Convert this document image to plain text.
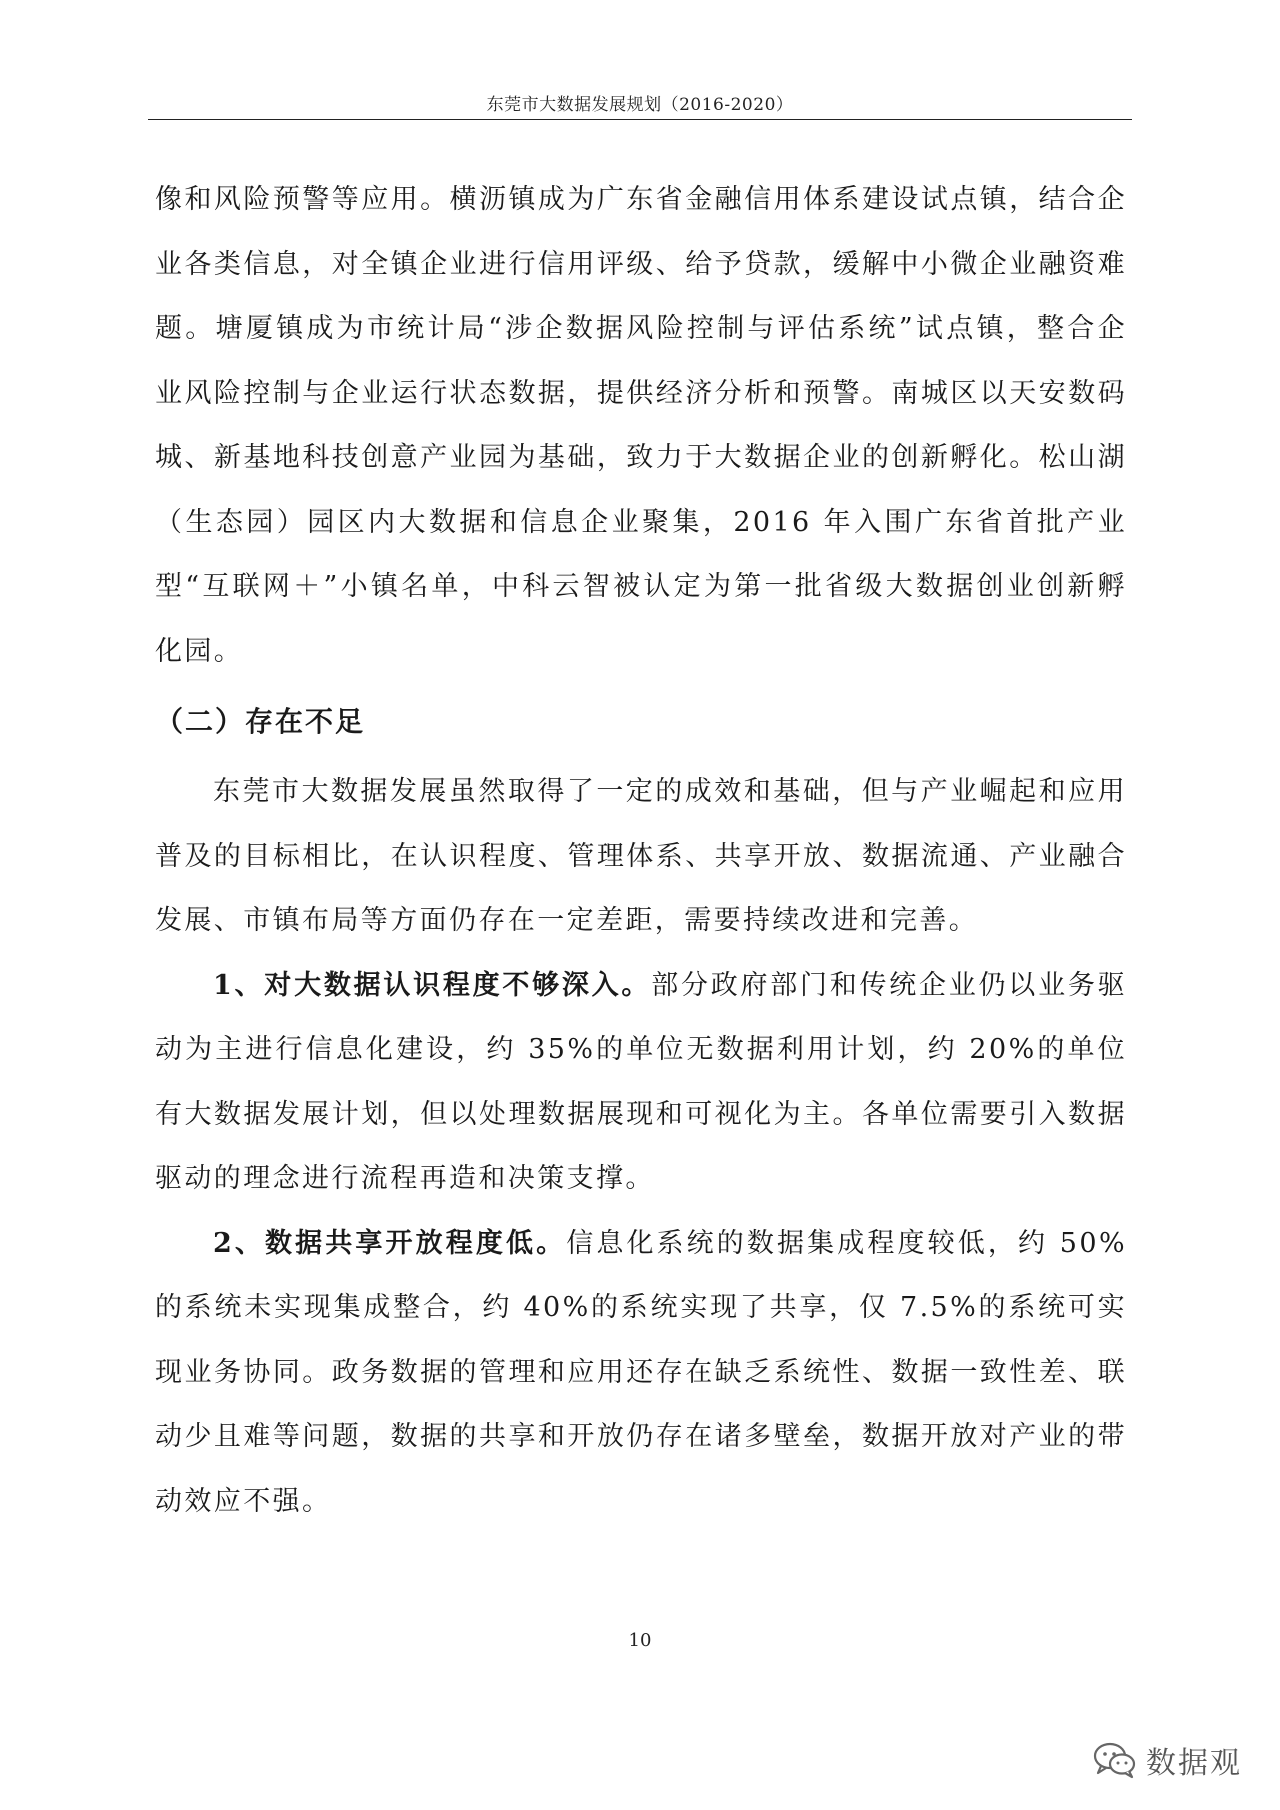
东莞市大数据发展规划（2016-2020）

像和风险预警等应用。横沥镇成为广东省金融信用体系建设试点镇，结合企业各类信息，对全镇企业进行信用评级、给予贷款，缓解中小微企业融资难题。塘厦镇成为市统计局“涉企数据风险控制与评估系统”试点镇，整合企业风险控制与企业运行状态数据，提供经济分析和预警。南城区以天安数码城、新基地科技创意产业园为基础，致力于大数据企业的创新孵化。松山湖（生态园）园区内大数据和信息企业聚集，2016 年入围广东省首批产业型“互联网＋”小镇名单，中科云智被认定为第一批省级大数据创业创新孵化园。

（二）存在不足

东莞市大数据发展虽然取得了一定的成效和基础，但与产业崛起和应用普及的目标相比，在认识程度、管理体系、共享开放、数据流通、产业融合发展、市镇布局等方面仍存在一定差距，需要持续改进和完善。

1、对大数据认识程度不够深入。部分政府部门和传统企业仍以业务驱动为主进行信息化建设，约 35%的单位无数据利用计划，约 20%的单位有大数据发展计划，但以处理数据展现和可视化为主。各单位需要引入数据驱动的理念进行流程再造和决策支撑。

2、数据共享开放程度低。信息化系统的数据集成程度较低，约 50%的系统未实现集成整合，约 40%的系统实现了共享，仅 7.5%的系统可实现业务协同。政务数据的管理和应用还存在缺乏系统性、数据一致性差、联动少且难等问题，数据的共享和开放仍存在诸多壁垒，数据开放对产业的带动效应不强。

10
数据观
